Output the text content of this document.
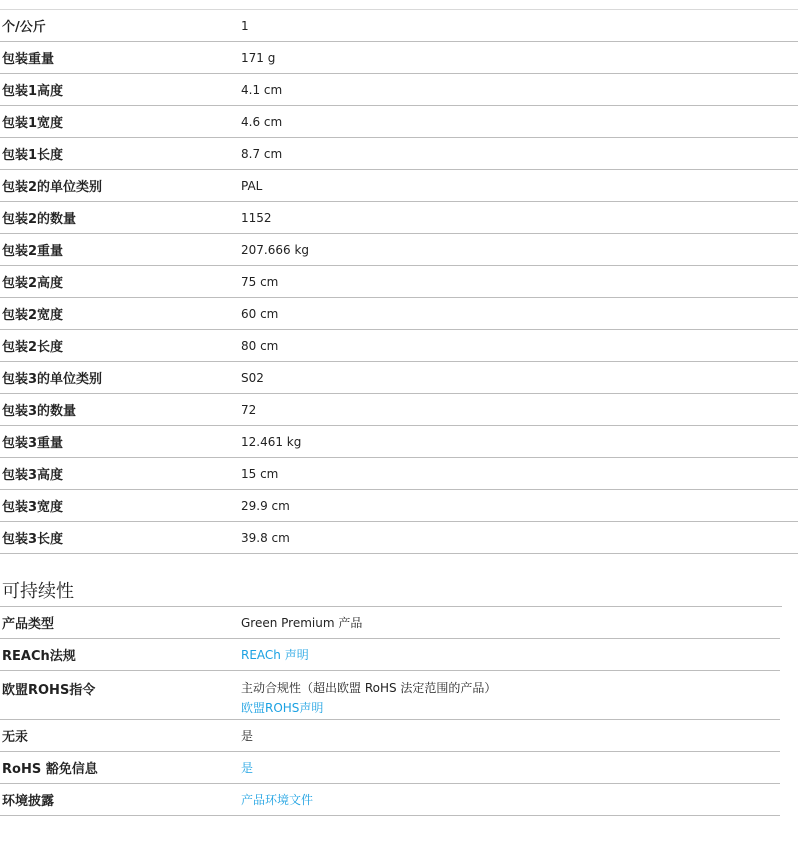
个/公斤	1
包装重量	171 g
包装1高度	4.1 cm
包装1宽度	4.6 cm
包装1长度	8.7 cm
包装2的单位类别	PAL
包装2的数量	1152
包装2重量	207.666 kg
包装2高度	75 cm
包装2宽度	60 cm
包装2长度	80 cm
包装3的单位类别	S02
包装3的数量	72
包装3重量	12.461 kg
包装3高度	15 cm
包装3宽度	29.9 cm
包装3长度	39.8 cm
可持续性
产品类型	Green Premium 产品
REACh法规	REACh 声明
欧盟ROHS指令	主动合规性（超出欧盟 RoHS 法定范围的产品）
欧盟ROHS声明
无汞	是
RoHS 豁免信息	是
环境披露	产品环境文件
